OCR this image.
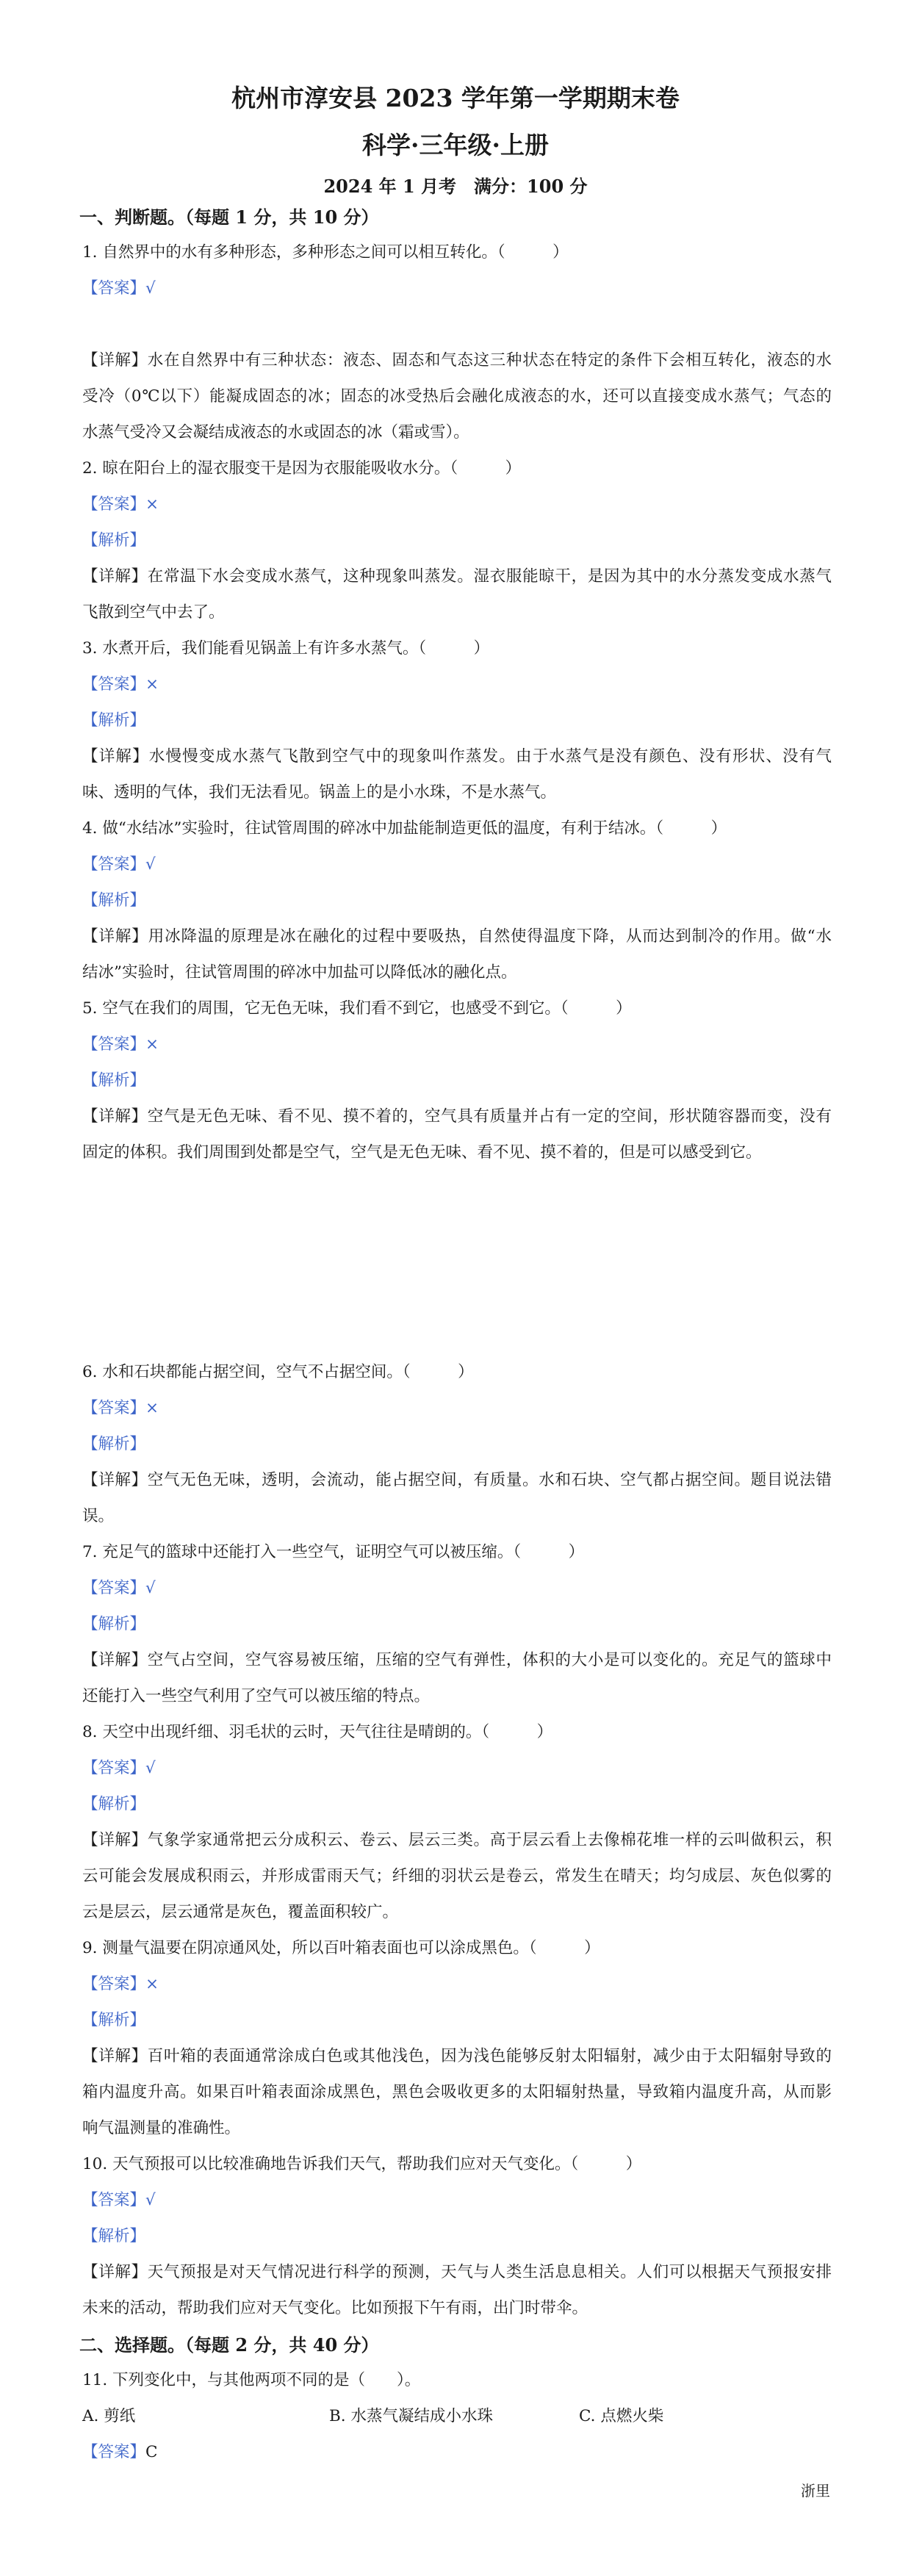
杭州市淳安县 2023 学年第一学期期末卷
科学·三年级·上册
2024 年 1 月考　满分：100 分
一、判断题。（每题 1 分，共 10 分）
1. 自然界中的水有多种形态，多种形态之间可以相互转化。（　　　）
【答案】√
【详解】水在自然界中有三种状态：液态、固态和气态这三种状态在特定的条件下会相互转化，液态的水
受冷（0℃以下）能凝成固态的冰；固态的冰受热后会融化成液态的水，还可以直接变成水蒸气；气态的
水蒸气受冷又会凝结成液态的水或固态的冰（霜或雪）。
2. 晾在阳台上的湿衣服变干是因为衣服能吸收水分。（　　　）
【答案】×
【解析】
【详解】在常温下水会变成水蒸气，这种现象叫蒸发。湿衣服能晾干，是因为其中的水分蒸发变成水蒸气
飞散到空气中去了。
3. 水煮开后，我们能看见锅盖上有许多水蒸气。（　　　）
【答案】×
【解析】
【详解】水慢慢变成水蒸气飞散到空气中的现象叫作蒸发。由于水蒸气是没有颜色、没有形状、没有气
味、透明的气体，我们无法看见。锅盖上的是小水珠，不是水蒸气。
4. 做“水结冰”实验时，往试管周围的碎冰中加盐能制造更低的温度，有利于结冰。（　　　）
【答案】√
【解析】
【详解】用冰降温的原理是冰在融化的过程中要吸热，自然使得温度下降，从而达到制冷的作用。做“水
结冰”实验时，往试管周围的碎冰中加盐可以降低冰的融化点。
5. 空气在我们的周围，它无色无味，我们看不到它，也感受不到它。（　　　）
【答案】×
【解析】
【详解】空气是无色无味、看不见、摸不着的，空气具有质量并占有一定的空间，形状随容器而变，没有
固定的体积。我们周围到处都是空气，空气是无色无味、看不见、摸不着的，但是可以感受到它。
6. 水和石块都能占据空间，空气不占据空间。（　　　）
【答案】×
【解析】
【详解】空气无色无味，透明，会流动，能占据空间，有质量。水和石块、空气都占据空间。题目说法错
误。
7. 充足气的篮球中还能打入一些空气，证明空气可以被压缩。（　　　）
【答案】√
【解析】
【详解】空气占空间，空气容易被压缩，压缩的空气有弹性，体积的大小是可以变化的。充足气的篮球中
还能打入一些空气利用了空气可以被压缩的特点。
8. 天空中出现纤细、羽毛状的云时，天气往往是晴朗的。（　　　）
【答案】√
【解析】
【详解】气象学家通常把云分成积云、卷云、层云三类。高于层云看上去像棉花堆一样的云叫做积云，积
云可能会发展成积雨云，并形成雷雨天气；纤细的羽状云是卷云，常发生在晴天；均匀成层、灰色似雾的
云是层云，层云通常是灰色，覆盖面积较广。
9. 测量气温要在阴凉通风处，所以百叶箱表面也可以涂成黑色。（　　　）
【答案】×
【解析】
【详解】百叶箱的表面通常涂成白色或其他浅色，因为浅色能够反射太阳辐射，减少由于太阳辐射导致的
箱内温度升高。如果百叶箱表面涂成黑色，黑色会吸收更多的太阳辐射热量，导致箱内温度升高，从而影
响气温测量的准确性。
10. 天气预报可以比较准确地告诉我们天气，帮助我们应对天气变化。（　　　）
【答案】√
【解析】
【详解】天气预报是对天气情况进行科学的预测，天气与人类生活息息相关。人们可以根据天气预报安排
未来的活动，帮助我们应对天气变化。比如预报下午有雨，出门时带伞。
二、选择题。（每题 2 分，共 40 分）
11. 下列变化中，与其他两项不同的是（　　）。
A. 剪纸	B. 水蒸气凝结成小水珠	C. 点燃火柴
【答案】C
浙里
